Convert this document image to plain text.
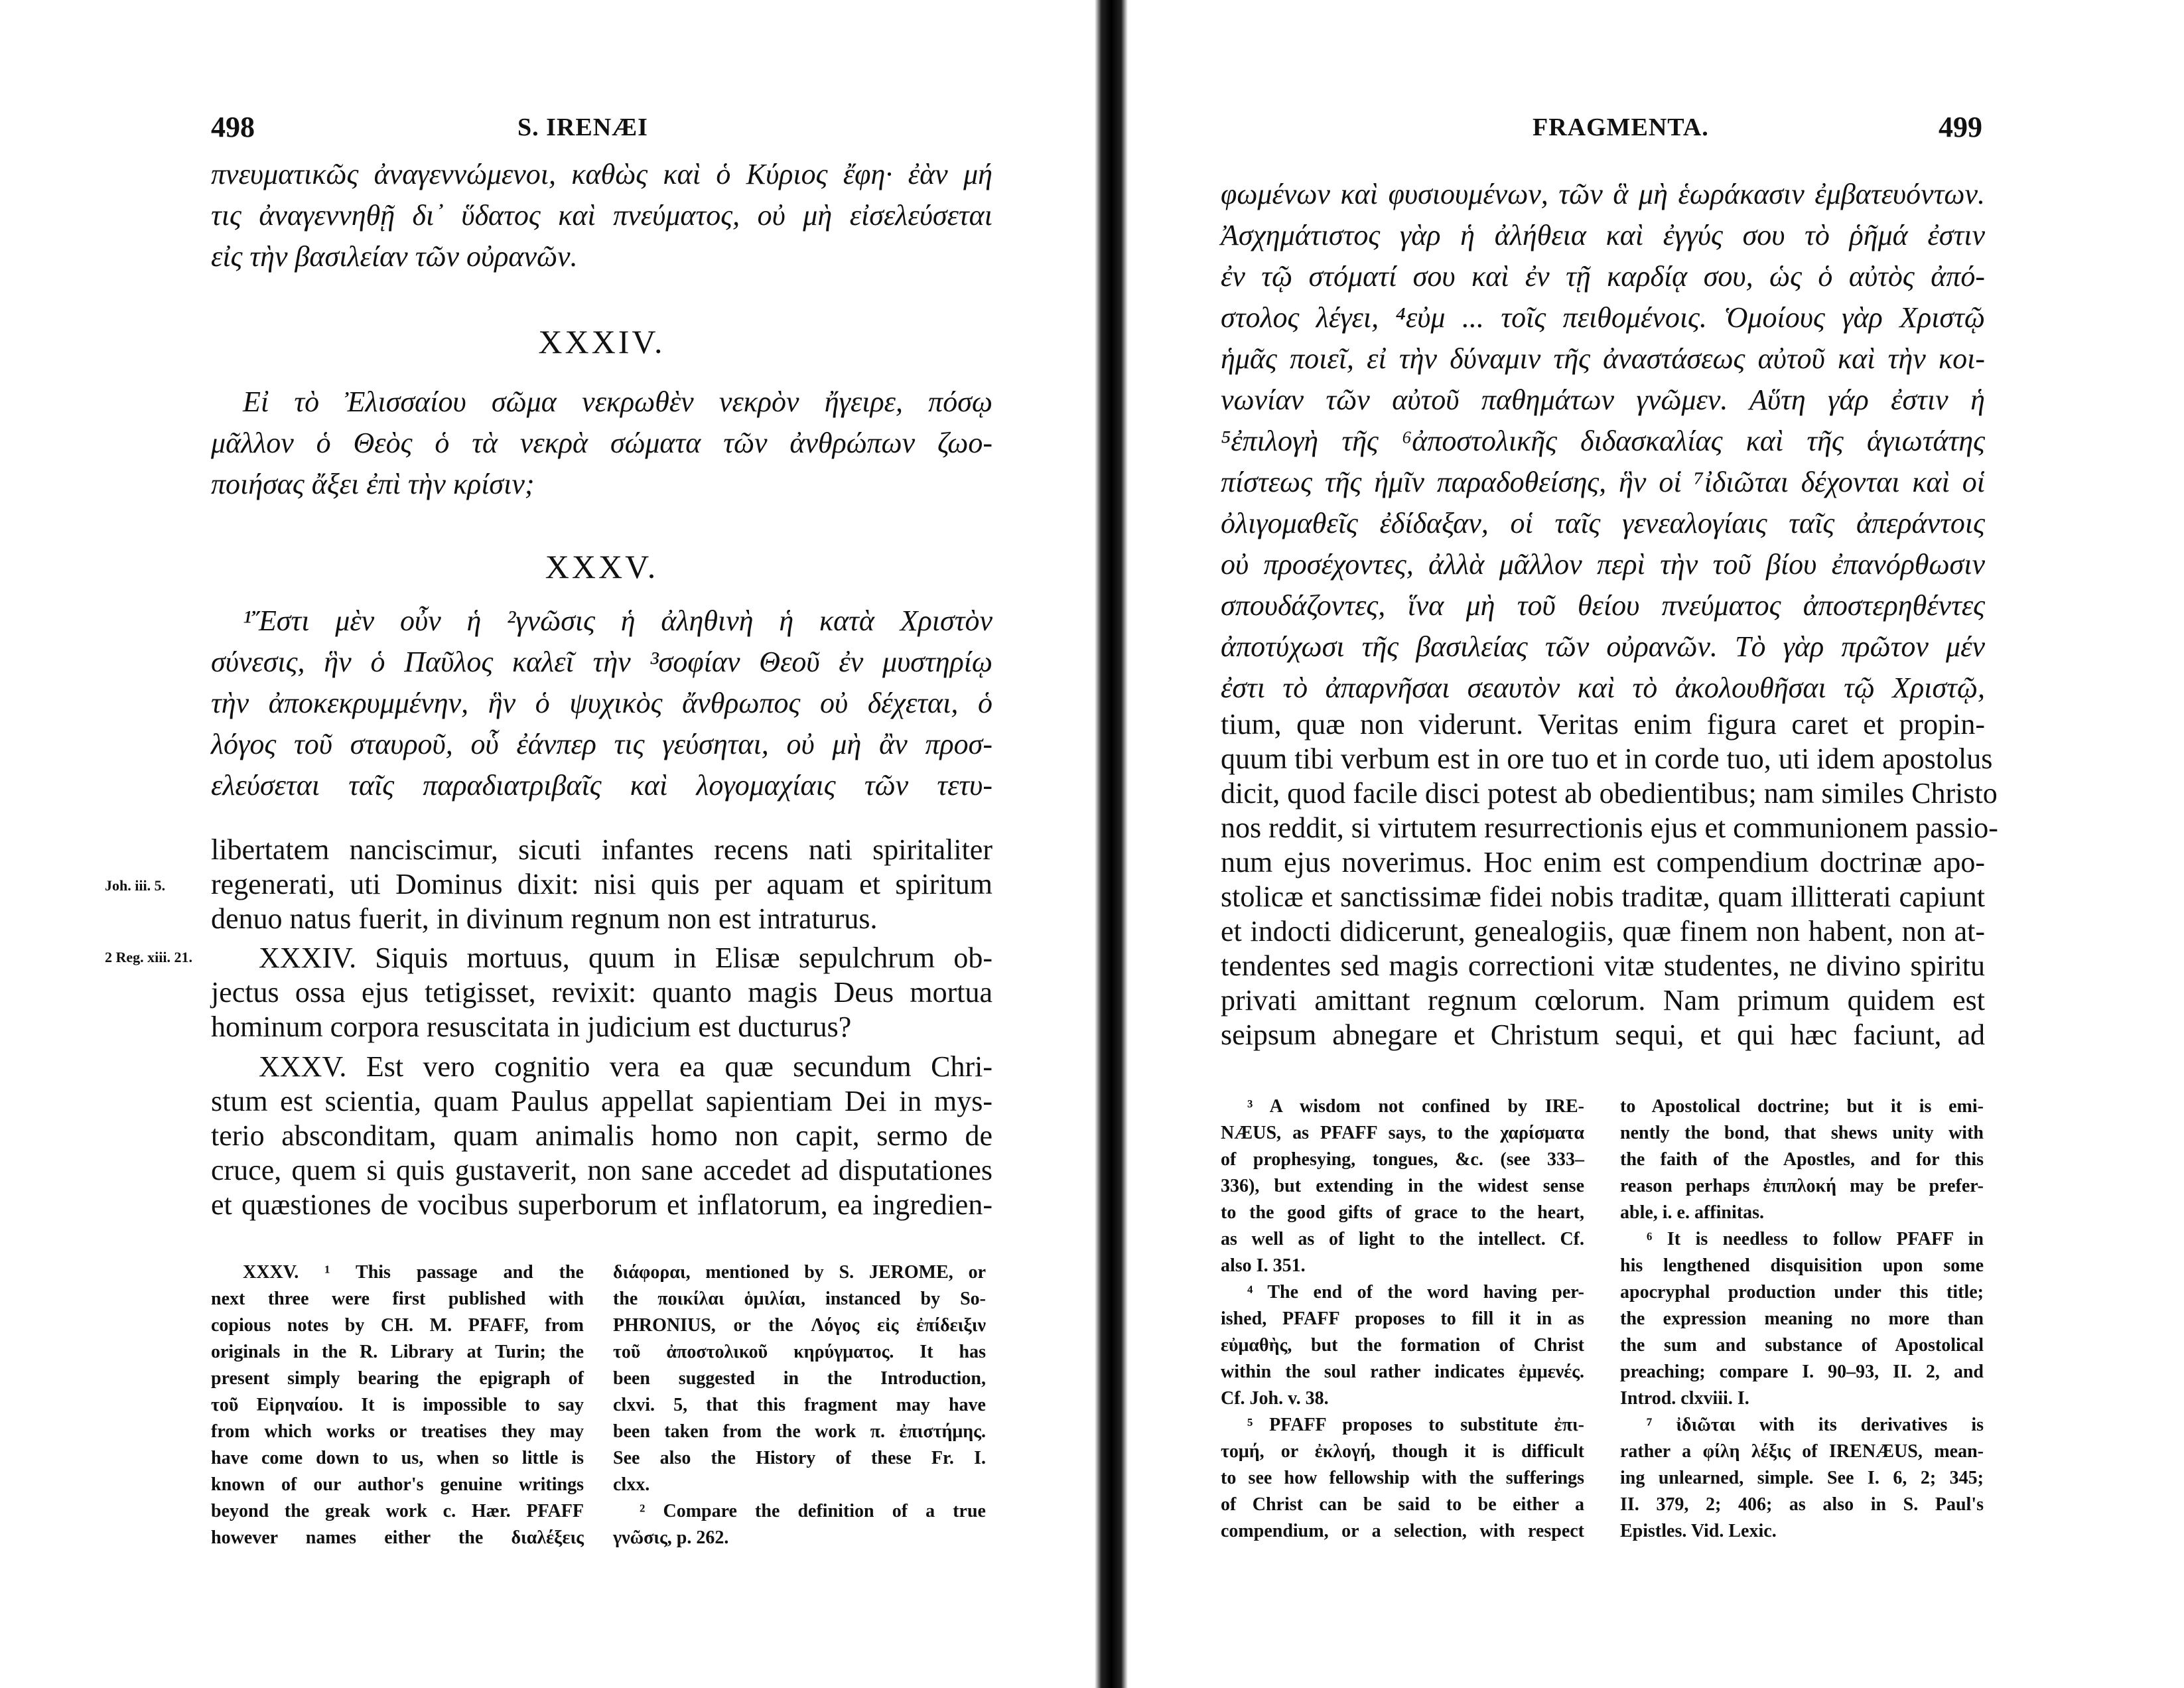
498	S. IRENÆI
πνευματικῶς ἀναγεννώμενοι, καθὼς καὶ ὁ Κύριος ἔφη· ἐὰν μή
τις ἀναγεννηθῇ δι᾽ ὕδατος καὶ πνεύματος, οὐ μὴ εἰσελεύσεται
εἰς τὴν βασιλείαν τῶν οὐρανῶν.
XXXIV.
Εἰ τὸ Ἐλισσαίου σῶμα νεκρωθὲν νεκρὸν ἤγειρε, πόσῳ
μᾶλλον ὁ Θεὸς ὁ τὰ νεκρὰ σώματα τῶν ἀνθρώπων ζωο-
ποιήσας ἄξει ἐπὶ τὴν κρίσιν;
XXXV.
¹Ἔστι μὲν οὖν ἡ ²γνῶσις ἡ ἀληθινὴ ἡ κατὰ Χριστὸν
σύνεσις, ἣν ὁ Παῦλος καλεῖ τὴν ³σοφίαν Θεοῦ ἐν μυστηρίῳ
τὴν ἀποκεκρυμμένην, ἣν ὁ ψυχικὸς ἄνθρωπος οὐ δέχεται, ὁ
λόγος τοῦ σταυροῦ, οὗ ἐάνπερ τις γεύσηται, οὐ μὴ ἂν προσ-
ελεύσεται ταῖς παραδιατριβαῖς καὶ λογομαχίαις τῶν τετυ-
Joh. iii. 5.
2 Reg. xiii. 21.
libertatem nanciscimur, sicuti infantes recens nati spiritaliter
regenerati, uti Dominus dixit: nisi quis per aquam et spiritum
denuo natus fuerit, in divinum regnum non est intraturus.
XXXIV. Siquis mortuus, quum in Elisæ sepulchrum ob-
jectus ossa ejus tetigisset, revixit: quanto magis Deus mortua
hominum corpora resuscitata in judicium est ducturus?
XXXV. Est vero cognitio vera ea quæ secundum Chri-
stum est scientia, quam Paulus appellat sapientiam Dei in mys-
terio absconditam, quam animalis homo non capit, sermo de
cruce, quem si quis gustaverit, non sane accedet ad disputationes
et quæstiones de vocibus superborum et inflatorum, ea ingredien-
XXXV. ¹ This passage and the
next three were first published with
copious notes by CH. M. PFAFF, from
originals in the R. Library at Turin; the
present simply bearing the epigraph of
τοῦ Εἰρηναίου. It is impossible to say
from which works or treatises they may
have come down to us, when so little is
known of our author's genuine writings
beyond the greak work c. Hær. PFAFF
however names either the διαλέξεις
διάφοραι, mentioned by S. JEROME, or
the ποικίλαι ὁμιλίαι, instanced by So-
PHRONIUS, or the Λόγος εἰς ἐπίδειξιν
τοῦ ἀποστολικοῦ κηρύγματος. It has
been suggested in the Introduction,
clxvi. 5, that this fragment may have
been taken from the work π. ἐπιστήμης.
See also the History of these Fr. I.
clxx.
² Compare the definition of a true
γνῶσις, p. 262.
FRAGMENTA.	499
φωμένων καὶ φυσιουμένων, τῶν ἃ μὴ ἑωράκασιν ἐμβατευόντων.
Ἀσχημάτιστος γὰρ ἡ ἀλήθεια καὶ ἐγγύς σου τὸ ῥῆμά ἐστιν
ἐν τῷ στόματί σου καὶ ἐν τῇ καρδίᾳ σου, ὡς ὁ αὐτὸς ἀπό-
στολος λέγει, ⁴εὐμ ... τοῖς πειθομένοις. Ὁμοίους γὰρ Χριστῷ
ἡμᾶς ποιεῖ, εἰ τὴν δύναμιν τῆς ἀναστάσεως αὐτοῦ καὶ τὴν κοι-
νωνίαν τῶν αὐτοῦ παθημάτων γνῶμεν. Αὕτη γάρ ἐστιν ἡ
⁵ἐπιλογὴ τῆς ⁶ἀποστολικῆς διδασκαλίας καὶ τῆς ἁγιωτάτης
πίστεως τῆς ἡμῖν παραδοθείσης, ἣν οἱ ⁷ἰδιῶται δέχονται καὶ οἱ
ὀλιγομαθεῖς ἐδίδαξαν, οἱ ταῖς γενεαλογίαις ταῖς ἀπεράντοις
οὐ προσέχοντες, ἀλλὰ μᾶλλον περὶ τὴν τοῦ βίου ἐπανόρθωσιν
σπουδάζοντες, ἵνα μὴ τοῦ θείου πνεύματος ἀποστερηθέντες
ἀποτύχωσι τῆς βασιλείας τῶν οὐρανῶν. Τὸ γὰρ πρῶτον μέν
ἐστι τὸ ἀπαρνῆσαι σεαυτὸν καὶ τὸ ἀκολουθῆσαι τῷ Χριστῷ,
tium, quæ non viderunt. Veritas enim figura caret et propin-
quum tibi verbum est in ore tuo et in corde tuo, uti idem apostolus
dicit, quod facile disci potest ab obedientibus; nam similes Christo
nos reddit, si virtutem resurrectionis ejus et communionem passio-
num ejus noverimus. Hoc enim est compendium doctrinæ apo-
stolicæ et sanctissimæ fidei nobis traditæ, quam illitterati capiunt
et indocti didicerunt, genealogiis, quæ finem non habent, non at-
tendentes sed magis correctioni vitæ studentes, ne divino spiritu
privati amittant regnum cœlorum. Nam primum quidem est
seipsum abnegare et Christum sequi, et qui hæc faciunt, ad
³ A wisdom not confined by IRE-
NÆUS, as PFAFF says, to the χαρίσματα
of prophesying, tongues, &c. (see 333–
336), but extending in the widest sense
to the good gifts of grace to the heart,
as well as of light to the intellect. Cf.
also I. 351.
⁴ The end of the word having per-
ished, PFAFF proposes to fill it in as
εὐμαθὴς, but the formation of Christ
within the soul rather indicates ἐμμενές.
Cf. Joh. v. 38.
⁵ PFAFF proposes to substitute ἐπι-
τομή, or ἐκλογή, though it is difficult
to see how fellowship with the sufferings
of Christ can be said to be either a
compendium, or a selection, with respect
to Apostolical doctrine; but it is emi-
nently the bond, that shews unity with
the faith of the Apostles, and for this
reason perhaps ἐπιπλοκή may be prefer-
able, i. e. affinitas.
⁶ It is needless to follow PFAFF in
his lengthened disquisition upon some
apocryphal production under this title;
the expression meaning no more than
the sum and substance of Apostolical
preaching; compare I. 90–93, II. 2, and
Introd. clxviii. I.
⁷ ἰδιῶται with its derivatives is
rather a φίλη λέξις of IRENÆUS, mean-
ing unlearned, simple. See I. 6, 2; 345;
II. 379, 2; 406; as also in S. Paul's
Epistles. Vid. Lexic.
